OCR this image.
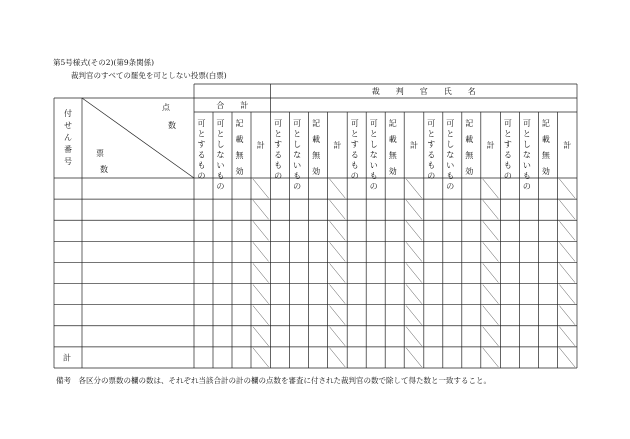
第5号様式(その2)(第9条関係)
裁判官のすべての罷免を可としない投票(白票)
可とするもの
可としないもの
記載無効
計
可とするもの
可としないもの
記載無効
計
可とするもの
可としないもの
記載無効
計
可とするもの
可としないもの
記載無効
計
可とするもの
可としないもの
記載無効
計
合　　計
裁　　判　　官　　氏　　名
付せん番号
点
数
票
数
計
備考　各区分の票数の欄の数は、それぞれ当該合計の計の欄の点数を審査に付された裁判官の数で除して得た数と一致すること。
